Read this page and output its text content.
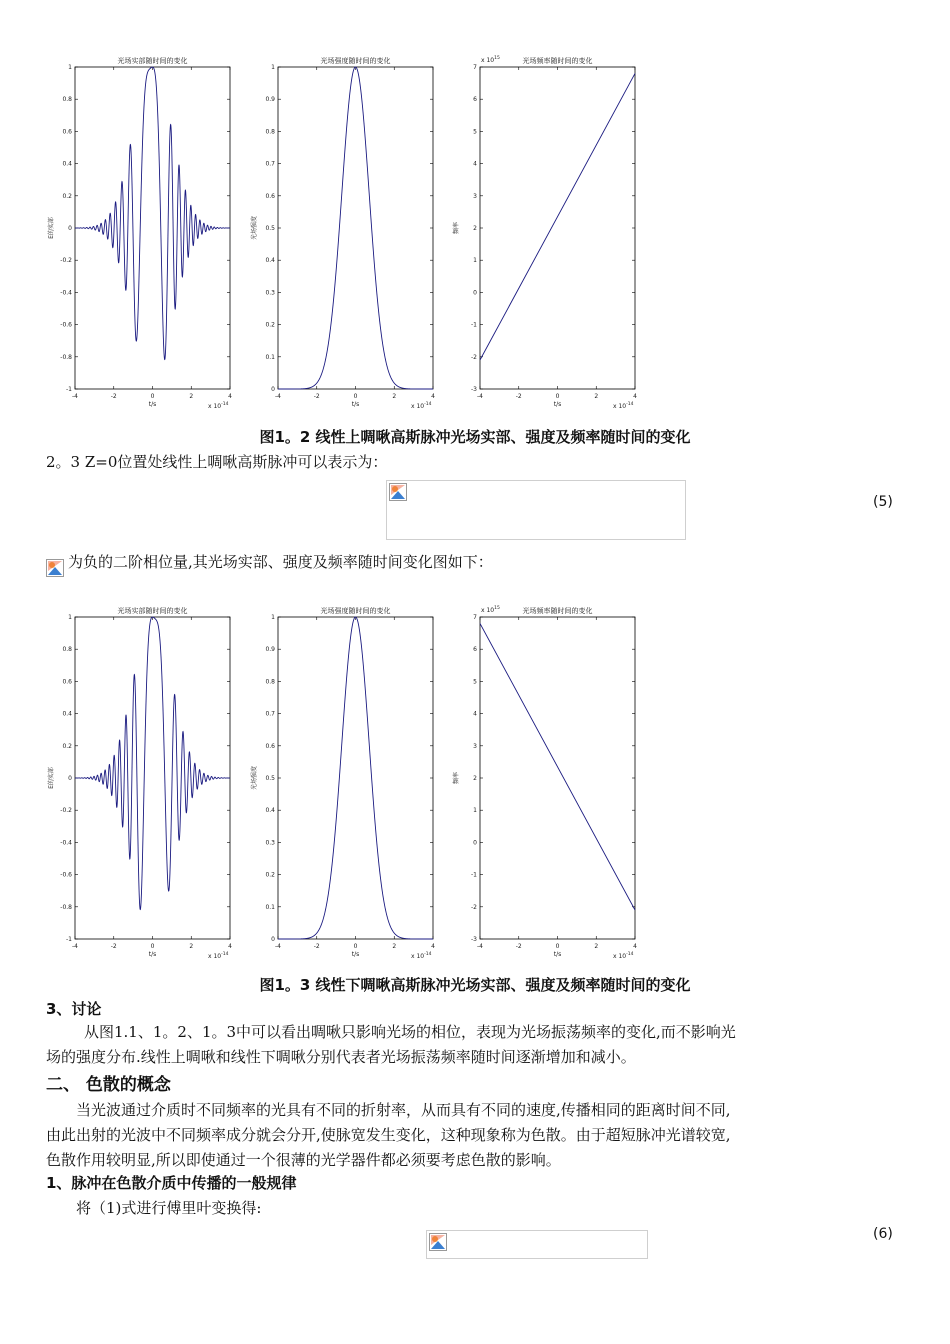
光场实部随时间的变化
-4	-2	0	2	4
-1
-0.8
-0.6
-0.4
-0.2
0
0.2
0.4
0.6
0.8
1
t/s	x $10^{-14}$
E的实部
光场强度随时间的变化
-4	-2	0	2	4
0
0.1
0.2
0.3
0.4
0.5
0.6
0.7
0.8
0.9
1
t/s	x $10^{-14}$
光场强度
光场频率随时间的变化
-4	-2	0	2	4
-3
-2
-1
0
1
2
3
4
5
6
7
t/s	x $10^{-14}$
x $10^{15}$
频率
图1。2 线性上啁啾高斯脉冲光场实部、强度及频率随时间的变化
2。3 Z=0位置处线性上啁啾高斯脉冲可以表示为：
(5)
为负的二阶相位量,其光场实部、强度及频率随时间变化图如下：
光场实部随时间的变化
-4	-2	0	2	4
-1
-0.8
-0.6
-0.4
-0.2
0
0.2
0.4
0.6
0.8
1
t/s	x $10^{-14}$
E的实部
光场强度随时间的变化
-4	-2	0	2	4
0
0.1
0.2
0.3
0.4
0.5
0.6
0.7
0.8
0.9
1
t/s	x $10^{-14}$
光场强度
光场频率随时间的变化
-4	-2	0	2	4
-3
-2
-1
0
1
2
3
4
5
6
7
t/s	x $10^{-14}$
x $10^{15}$
频率
图1。3 线性下啁啾高斯脉冲光场实部、强度及频率随时间的变化
3、讨论
从图1.1、1。2、1。3中可以看出啁啾只影响光场的相位，表现为光场振荡频率的变化,而不影响光
场的强度分布.线性上啁啾和线性下啁啾分别代表者光场振荡频率随时间逐渐增加和减小。
二、 色散的概念
当光波通过介质时不同频率的光具有不同的折射率，从而具有不同的速度,传播相同的距离时间不同,
由此出射的光波中不同频率成分就会分开,使脉宽发生变化，这种现象称为色散。由于超短脉冲光谱较宽,
色散作用较明显,所以即使通过一个很薄的光学器件都必须要考虑色散的影响。
1、脉冲在色散介质中传播的一般规律
将（1)式进行傅里叶变换得:
(6)
